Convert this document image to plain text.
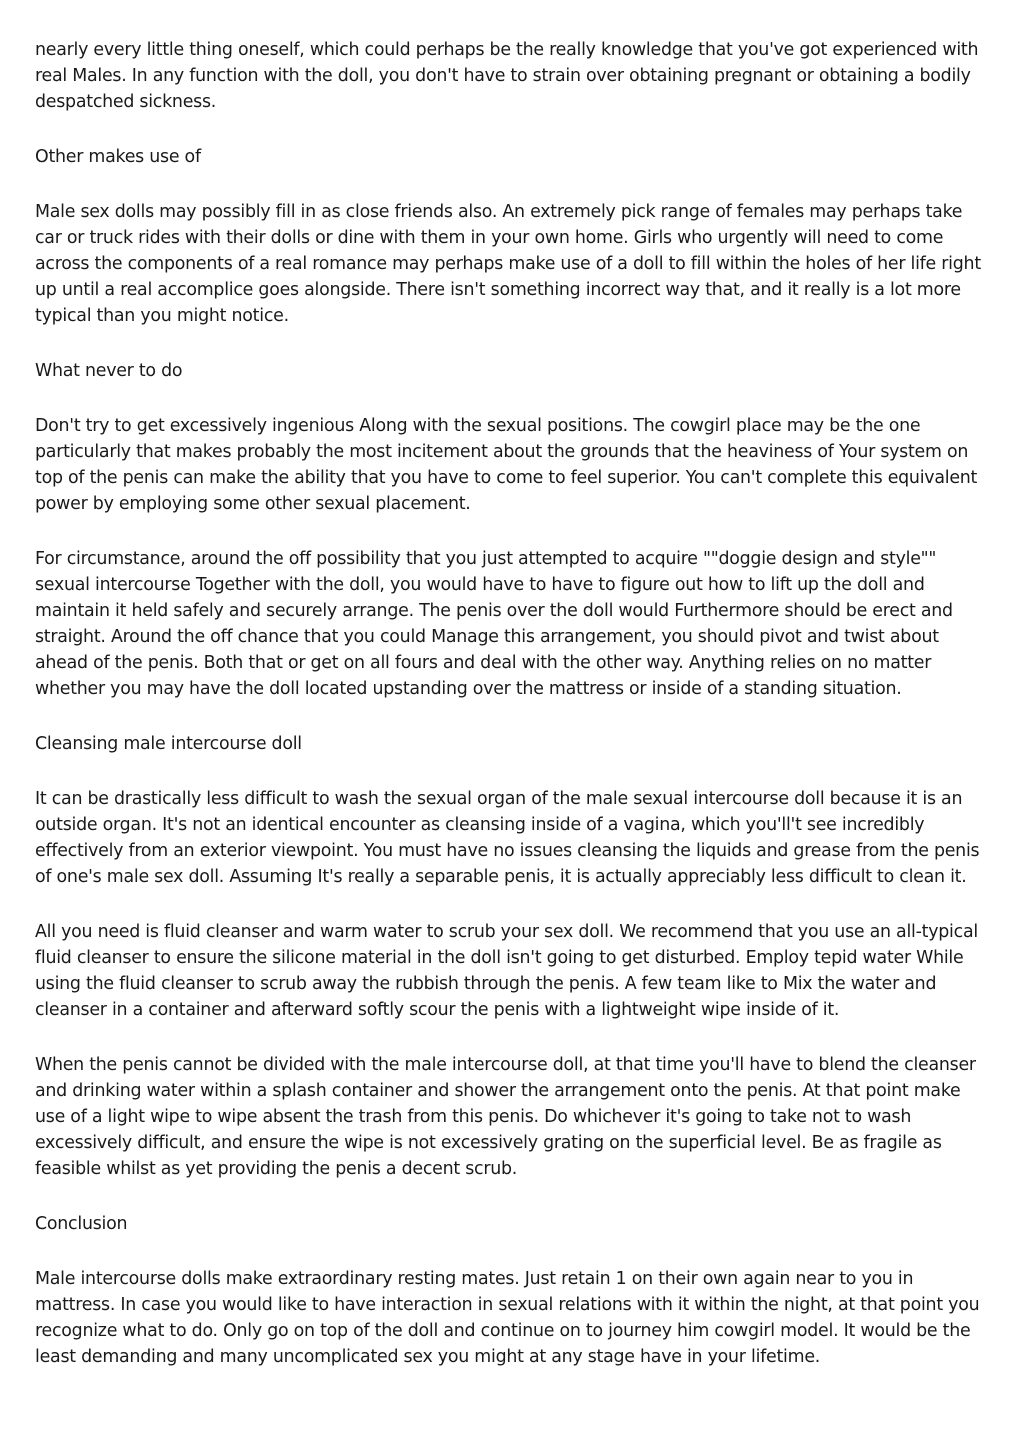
nearly every little thing oneself, which could perhaps be the really knowledge that you've got experienced with real Males. In any function with the doll, you don't have to strain over obtaining pregnant or obtaining a bodily despatched sickness.

Other makes use of

Male sex dolls may possibly fill in as close friends also. An extremely pick range of females may perhaps take car or truck rides with their dolls or dine with them in your own home. Girls who urgently will need to come across the components of a real romance may perhaps make use of a doll to fill within the holes of her life right up until a real accomplice goes alongside. There isn't something incorrect way that, and it really is a lot more typical than you might notice.

What never to do

Don't try to get excessively ingenious Along with the sexual positions. The cowgirl place may be the one particularly that makes probably the most incitement about the grounds that the heaviness of Your system on top of the penis can make the ability that you have to come to feel superior. You can't complete this equivalent power by employing some other sexual placement.

For circumstance, around the off possibility that you just attempted to acquire ""doggie design and style"" sexual intercourse Together with the doll, you would have to have to figure out how to lift up the doll and maintain it held safely and securely arrange. The penis over the doll would Furthermore should be erect and straight. Around the off chance that you could Manage this arrangement, you should pivot and twist about ahead of the penis. Both that or get on all fours and deal with the other way. Anything relies on no matter whether you may have the doll located upstanding over the mattress or inside of a standing situation.

Cleansing male intercourse doll

It can be drastically less difficult to wash the sexual organ of the male sexual intercourse doll because it is an outside organ. It's not an identical encounter as cleansing inside of a vagina, which you'll't see incredibly effectively from an exterior viewpoint. You must have no issues cleansing the liquids and grease from the penis of one's male sex doll. Assuming It's really a separable penis, it is actually appreciably less difficult to clean it.

All you need is fluid cleanser and warm water to scrub your sex doll. We recommend that you use an all-typical fluid cleanser to ensure the silicone material in the doll isn't going to get disturbed. Employ tepid water While using the fluid cleanser to scrub away the rubbish through the penis. A few team like to Mix the water and cleanser in a container and afterward softly scour the penis with a lightweight wipe inside of it.

When the penis cannot be divided with the male intercourse doll, at that time you'll have to blend the cleanser and drinking water within a splash container and shower the arrangement onto the penis. At that point make use of a light wipe to wipe absent the trash from this penis. Do whichever it's going to take not to wash excessively difficult, and ensure the wipe is not excessively grating on the superficial level. Be as fragile as feasible whilst as yet providing the penis a decent scrub.

Conclusion

Male intercourse dolls make extraordinary resting mates. Just retain 1 on their own again near to you in mattress. In case you would like to have interaction in sexual relations with it within the night, at that point you recognize what to do. Only go on top of the doll and continue on to journey him cowgirl model. It would be the least demanding and many uncomplicated sex you might at any stage have in your lifetime.
